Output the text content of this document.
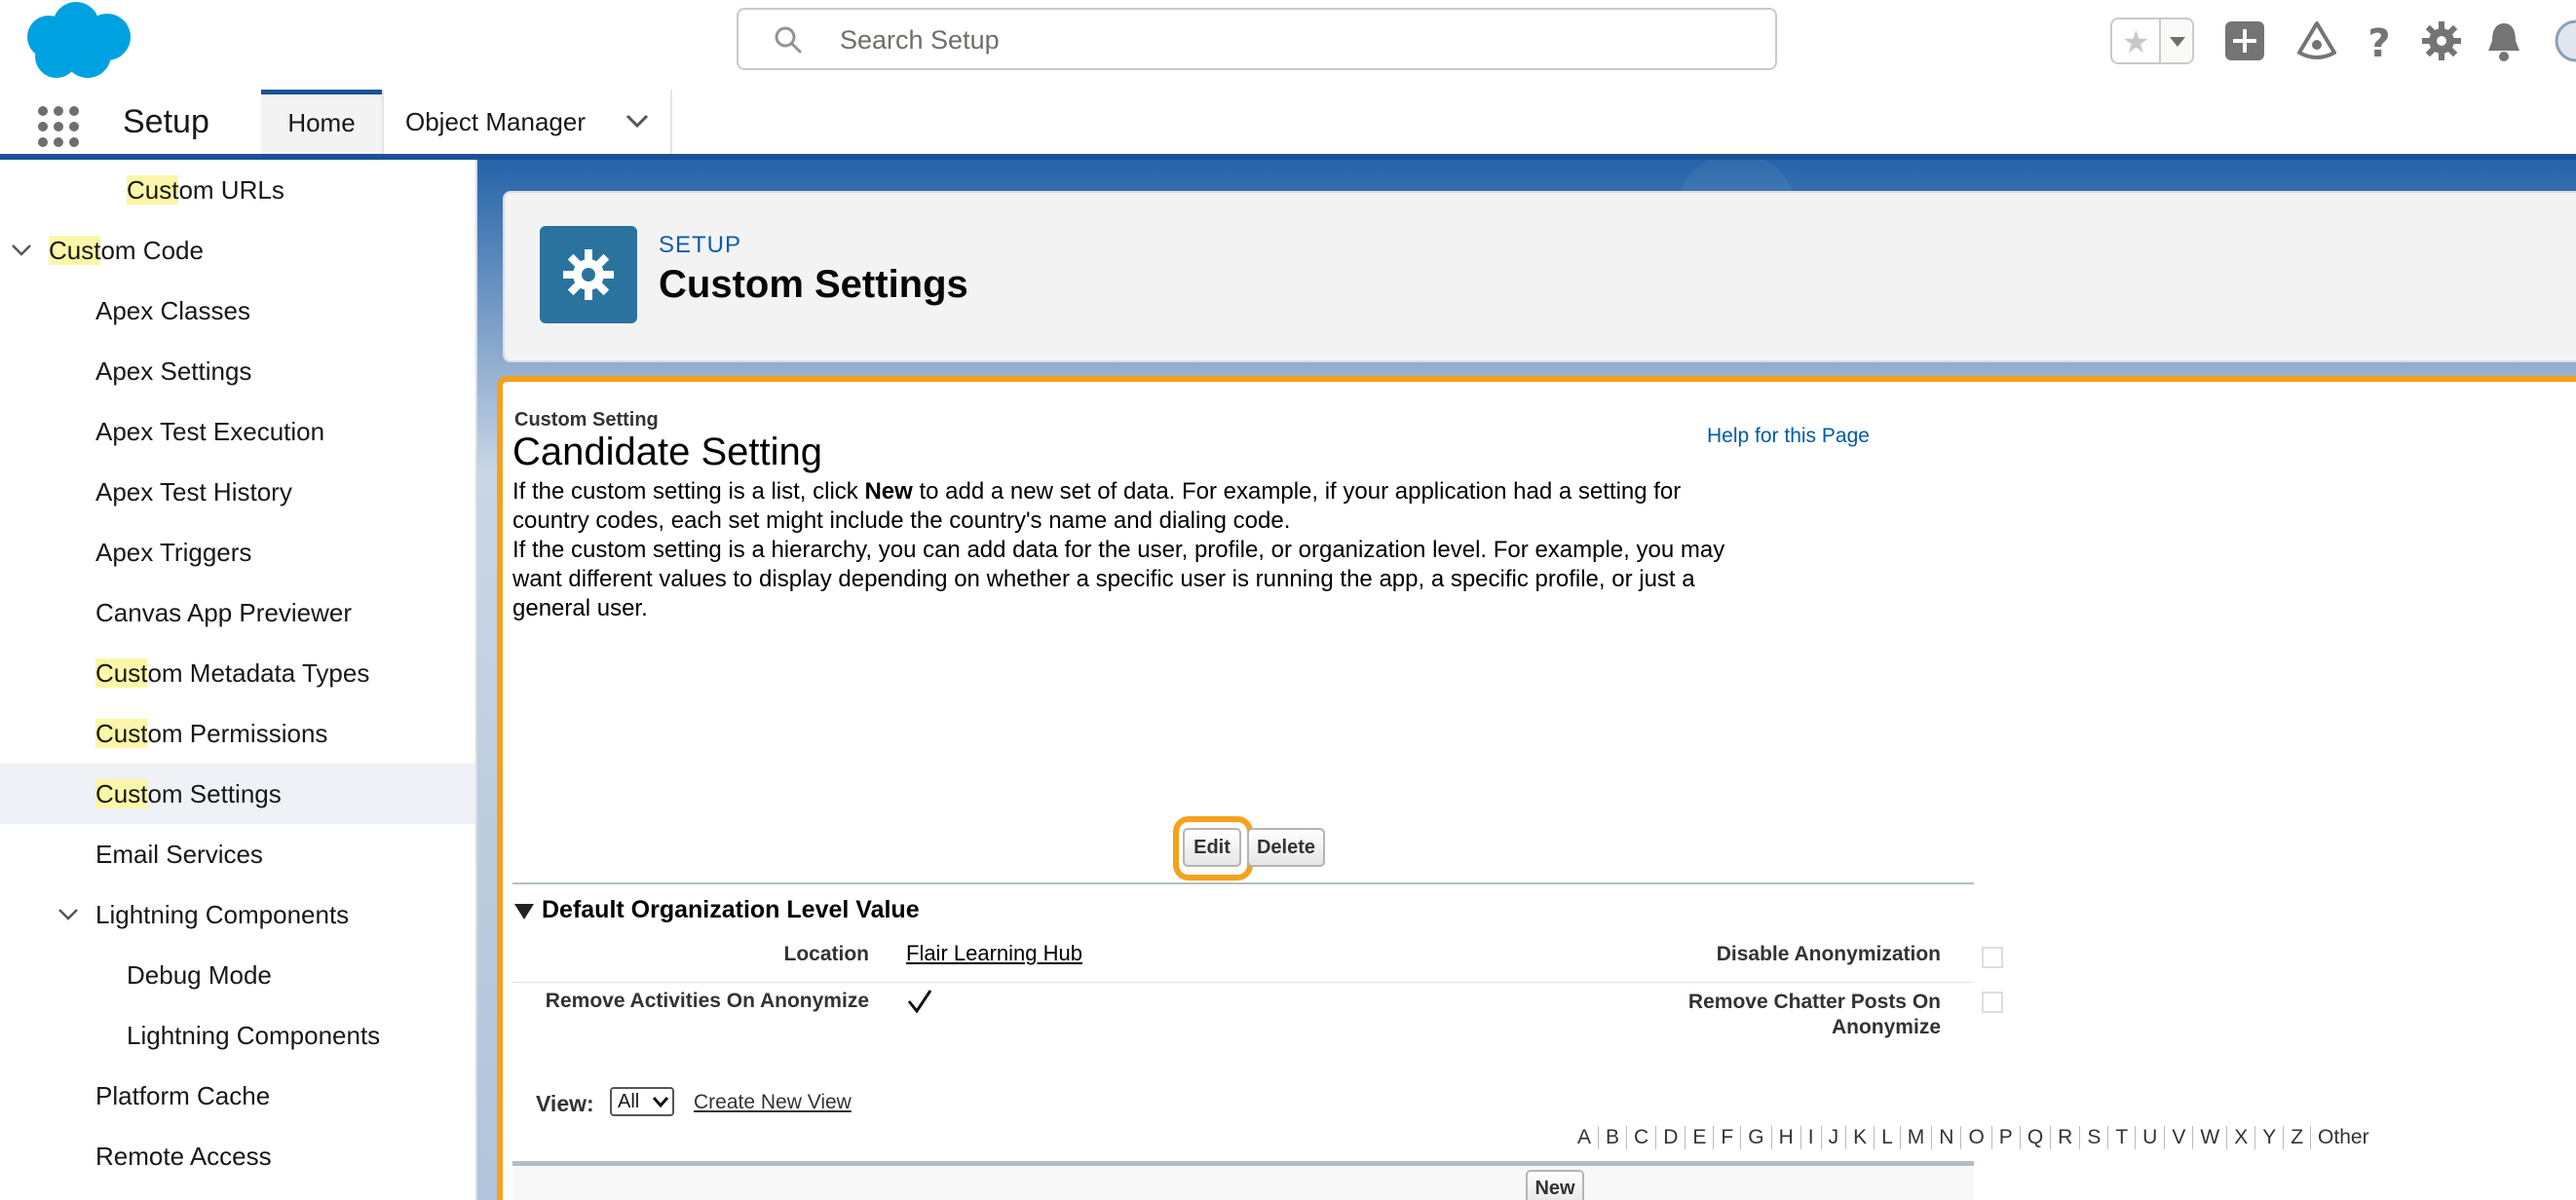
Search Setup	★	?
Setup	Home	Object Manager
Custom URLs
Custom Code
Apex Classes
Apex Settings
Apex Test Execution
Apex Test History
Apex Triggers
Canvas App Previewer
Custom Metadata Types
Custom Permissions
Custom Settings
Email Services
Lightning Components
Debug Mode
Lightning Components
Platform Cache
Remote Access
SETUP
Custom Settings
Custom Setting
Candidate Setting	Help for this Page
If the custom setting is a list, click New to add a new set of data. For example, if your application had a setting for country codes, each set might include the country's name and dialing code.
If the custom setting is a hierarchy, you can add data for the user, profile, or organization level. For example, you may want different values to display depending on whether a specific user is running the app, a specific profile, or just a general user.
Edit	Delete
Default Organization Level Value
Location Flair Learning Hub	Disable Anonymization
Remove Activities On Anonymize	Remove Chatter Posts On
Anonymize
View:	All	Create New View
A B C D E F G H I J K L M N O P Q R S T U V W X Y Z Other
New
